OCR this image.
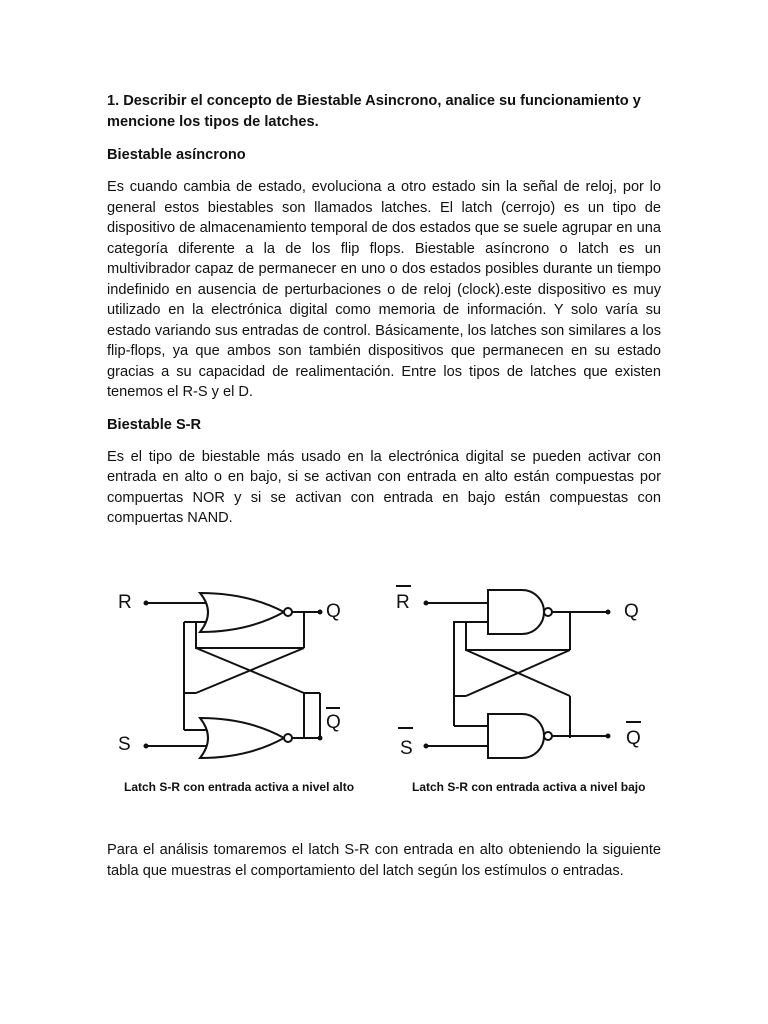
1. Describir el concepto de Biestable Asincrono, analice su funcionamiento y mencione los tipos de latches.
Biestable asíncrono

Es cuando cambia de estado, evoluciona a otro estado sin la señal de reloj, por lo general estos biestables son llamados latches. El latch (cerrojo) es un tipo de dispositivo de almacenamiento temporal de dos estados que se suele agrupar en una categoría diferente a la de los flip flops. Biestable asíncrono o latch es un multivibrador capaz de permanecer en uno o dos estados posibles durante un tiempo indefinido en ausencia de perturbaciones o de reloj (clock).este dispositivo es muy utilizado en la electrónica digital como memoria de información. Y solo varía su estado variando sus entradas de control. Básicamente, los latches son similares a los flip-flops, ya que ambos son también dispositivos que permanecen en su estado gracias a su capacidad de realimentación. Entre los tipos de latches que existen tenemos el R-S y el D.

Biestable S-R

Es el tipo de biestable más usado en la electrónica digital se pueden activar con entrada en alto o en bajo, si se activan con entrada en alto están compuestas por compuertas NOR y si se activan con entrada en bajo están compuestas con compuertas NAND.

R	Q
S
Q
R	Q
S	Q
Latch S-R con entrada activa a nivel alto	Latch S-R con entrada activa a nivel bajo

Para el análisis tomaremos el latch S-R con entrada en alto obteniendo la siguiente tabla que muestras el comportamiento del latch según los estímulos o entradas.
